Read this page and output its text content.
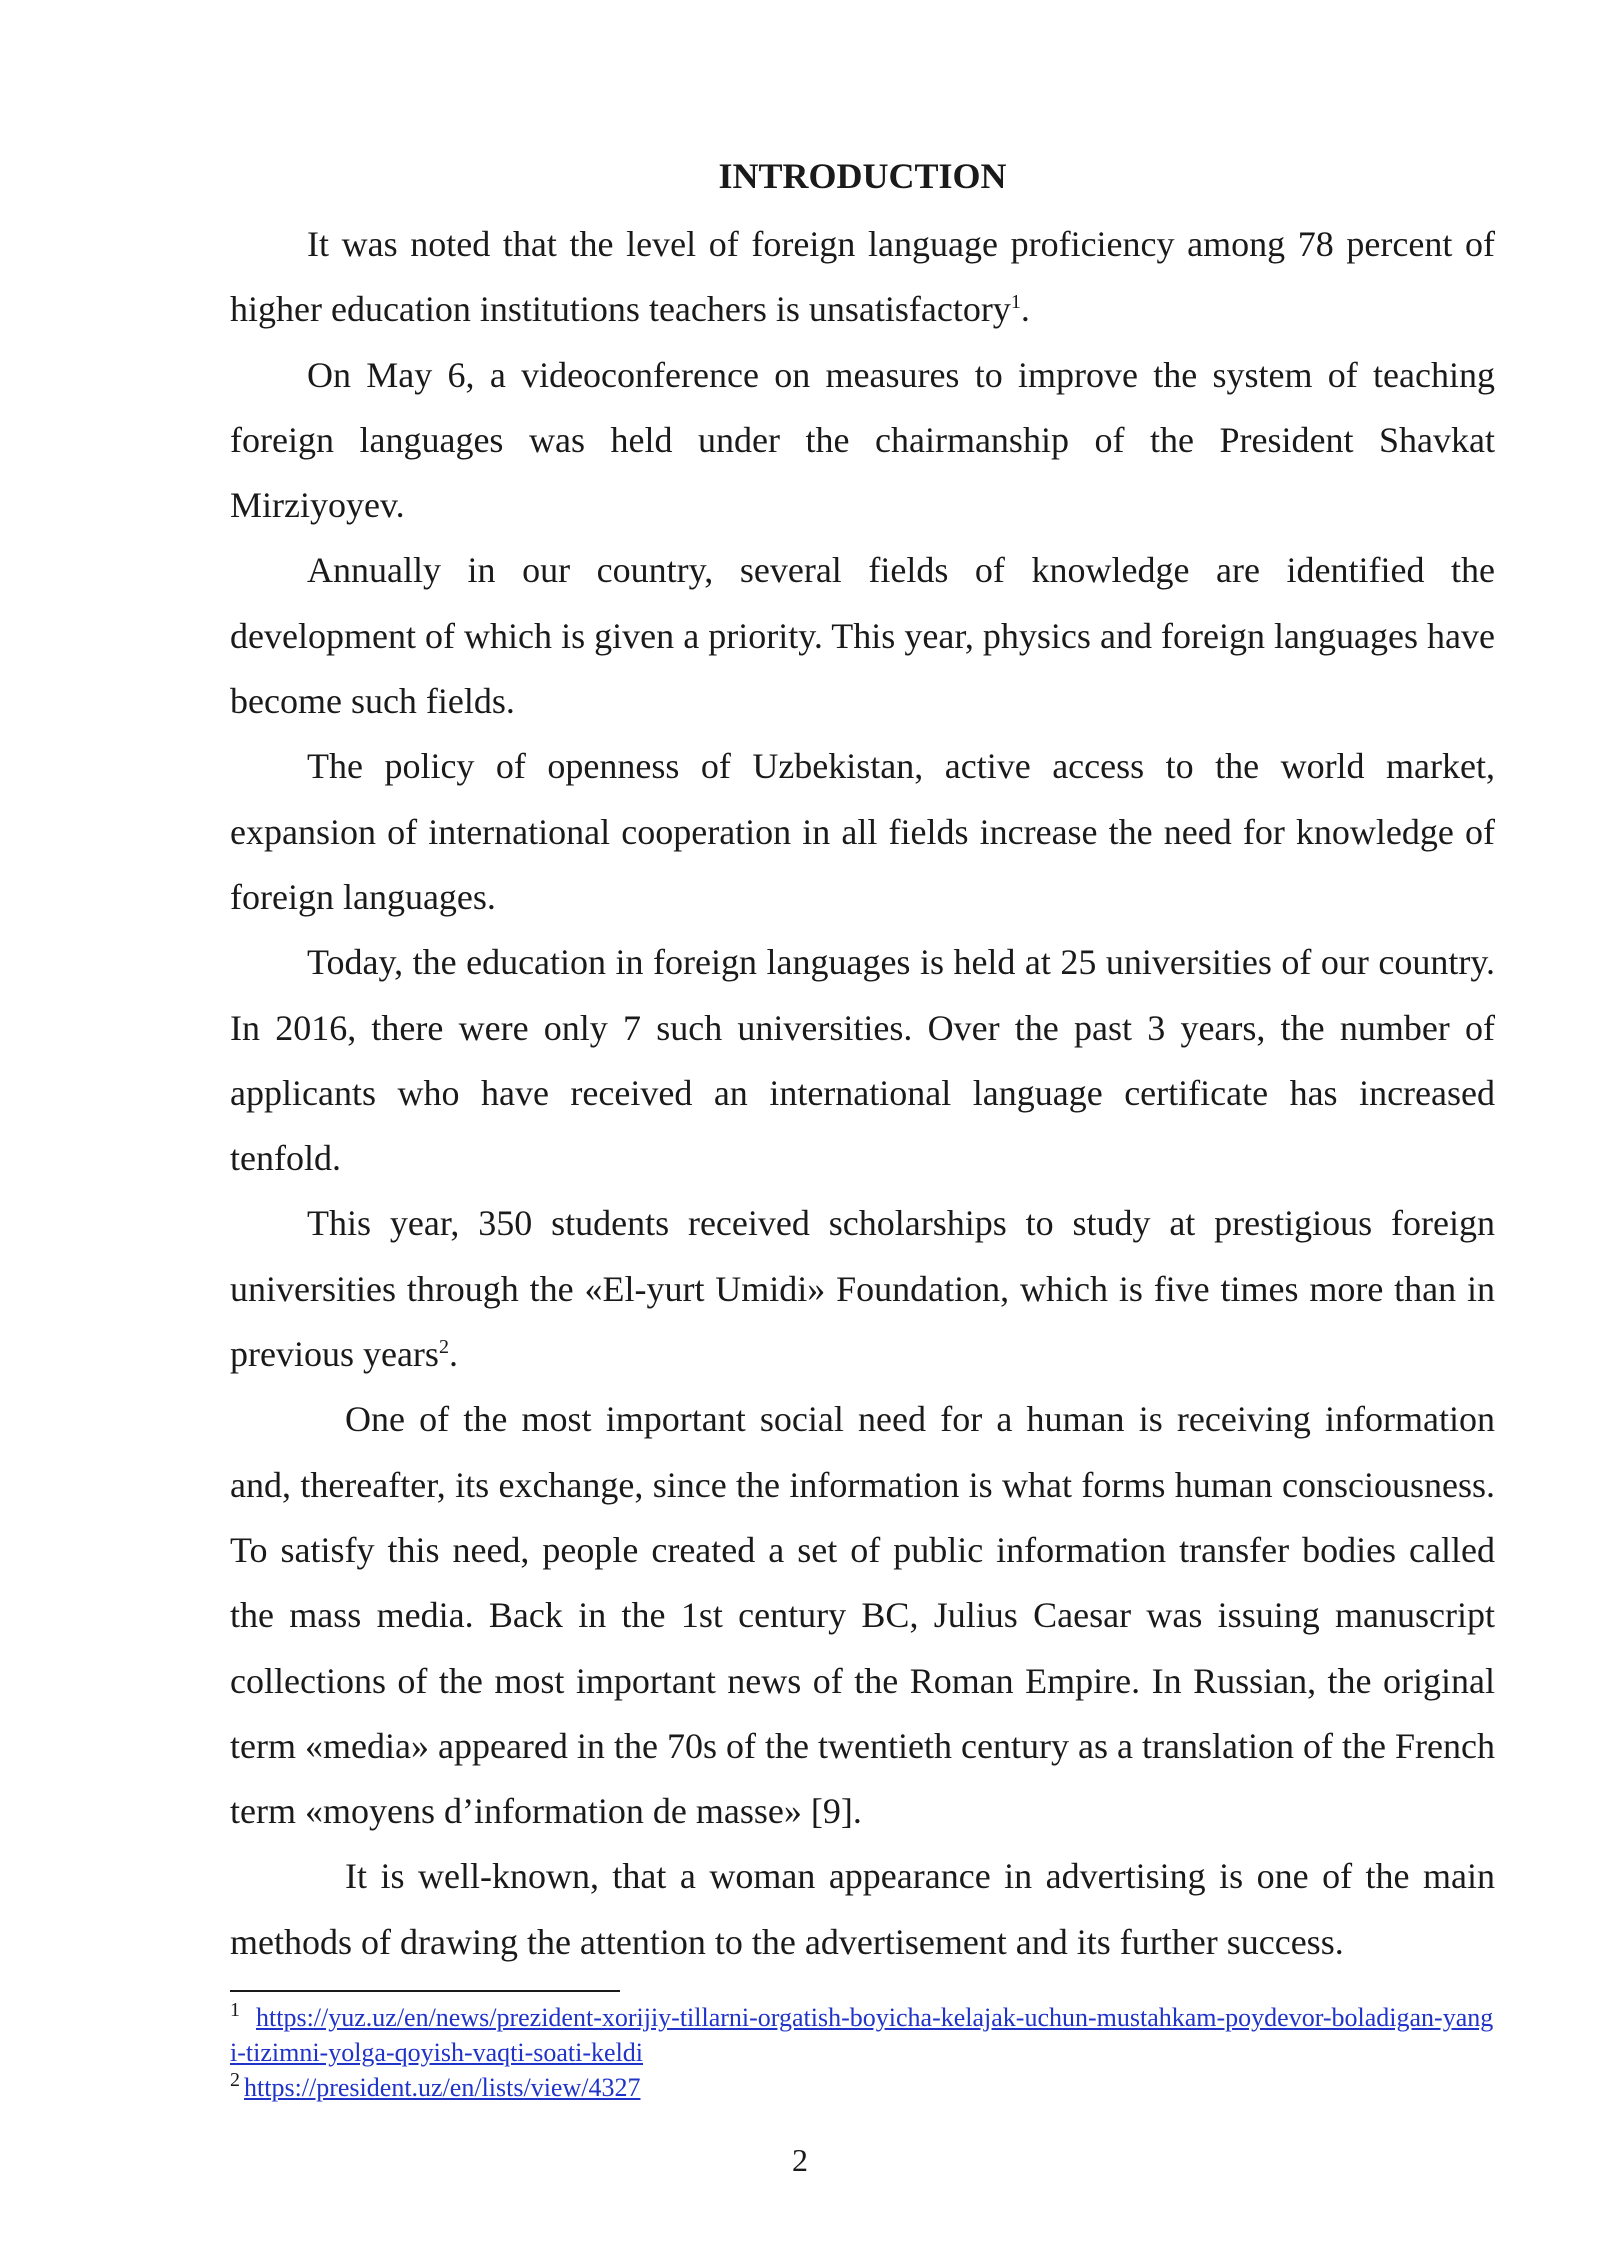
INTRODUCTION

It was noted that the level of foreign language proficiency among 78 percent of higher education institutions teachers is unsatisfactory$^1$.

On May 6, a videoconference on measures to improve the system of teaching foreign languages was held under the chairmanship of the President Shavkat Mirziyoyev.

Annually in our country, several fields of knowledge are identified the development of which is given a priority. This year, physics and foreign languages have become such fields.

The policy of openness of Uzbekistan, active access to the world market, expansion of international cooperation in all fields increase the need for knowledge of foreign languages.

Today, the education in foreign languages is held at 25 universities of our country. In 2016, there were only 7 such universities. Over the past 3 years, the number of applicants who have received an international language certificate has increased tenfold.

This year, 350 students received scholarships to study at prestigious foreign universities through the «El-yurt Umidi» Foundation, which is five times more than in previous years$^2$.

One of the most important social need for a human is receiving information and, thereafter, its exchange, since the information is what forms human consciousness. To satisfy this need, people created a set of public information transfer bodies called the mass media. Back in the 1st century BC, Julius Caesar was issuing manuscript collections of the most important news of the Roman Empire. In Russian, the original term «media» appeared in the 70s of the twentieth century as a translation of the French term «moyens d’information de masse» [9].

It is well-known, that a woman appearance in advertising is one of the main methods of drawing the attention to the advertisement and its further success.

$^1$ https://yuz.uz/en/news/prezident-xorijiy-tillarni-orgatish-boyicha-kelajak-uchun-mustahkam-poydevor-boladigan-yangi-tizimni-yolga-qoyish-vaqti-soati-keldi

$^2$ https://president.uz/en/lists/view/4327

2
